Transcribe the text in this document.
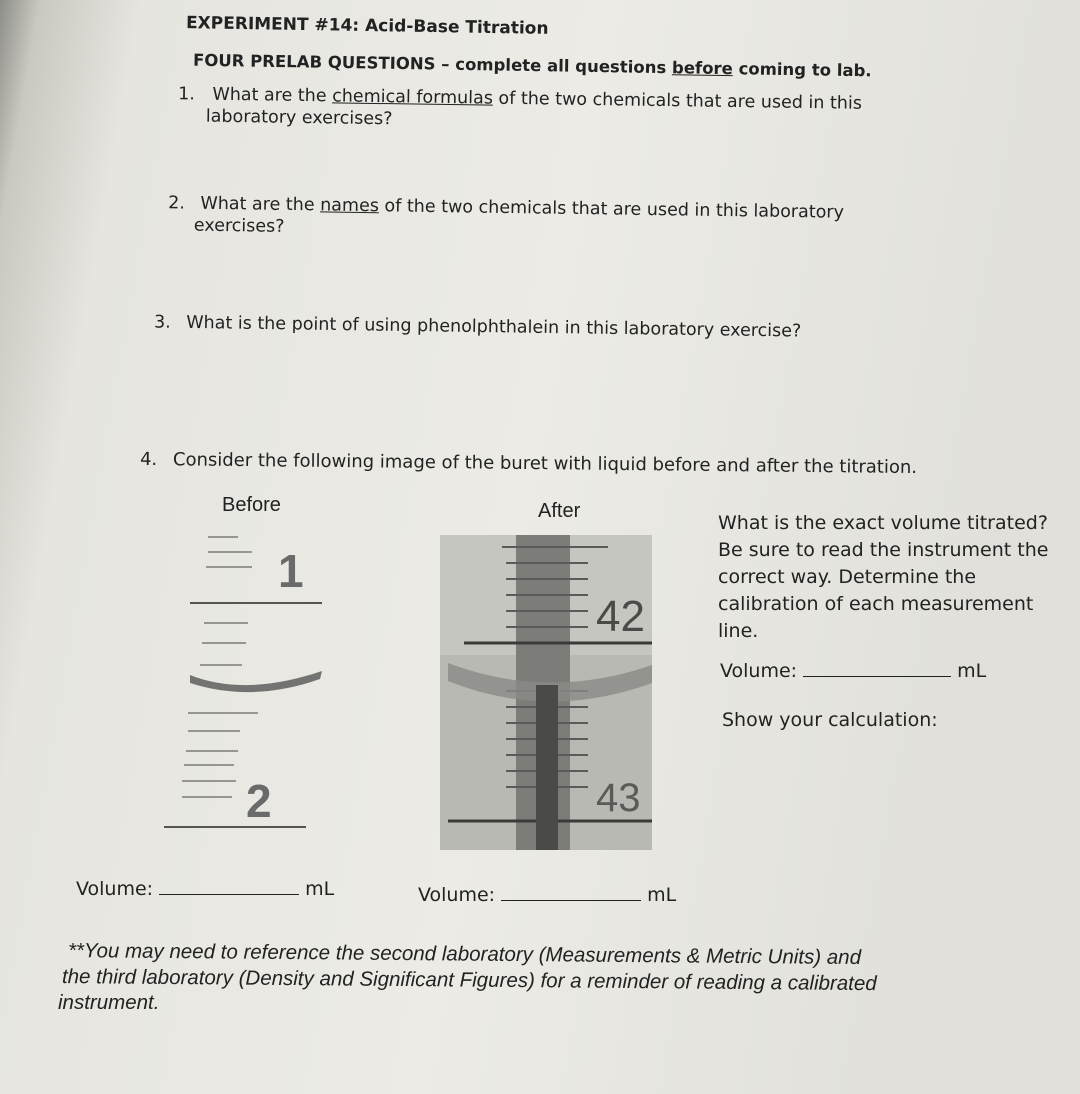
EXPERIMENT #14: Acid-Base Titration
FOUR PRELAB QUESTIONS – complete all questions before coming to lab.
1. What are the chemical formulas of the two chemicals that are used in this
laboratory exercises?
2. What are the names of the two chemicals that are used in this laboratory
exercises?
3. What is the point of using phenolphthalein in this laboratory exercise?
4. Consider the following image of the buret with liquid before and after the titration.
Before	After
1
2
42
43
What is the exact volume titrated?
Be sure to read the instrument the
correct way. Determine the
calibration of each measurement
line.
Volume:	mL
Show your calculation:
Volume:	mL	Volume:	mL
**You may need to reference the second laboratory (Measurements & Metric Units) and
the third laboratory (Density and Significant Figures) for a reminder of reading a calibrated
instrument.
